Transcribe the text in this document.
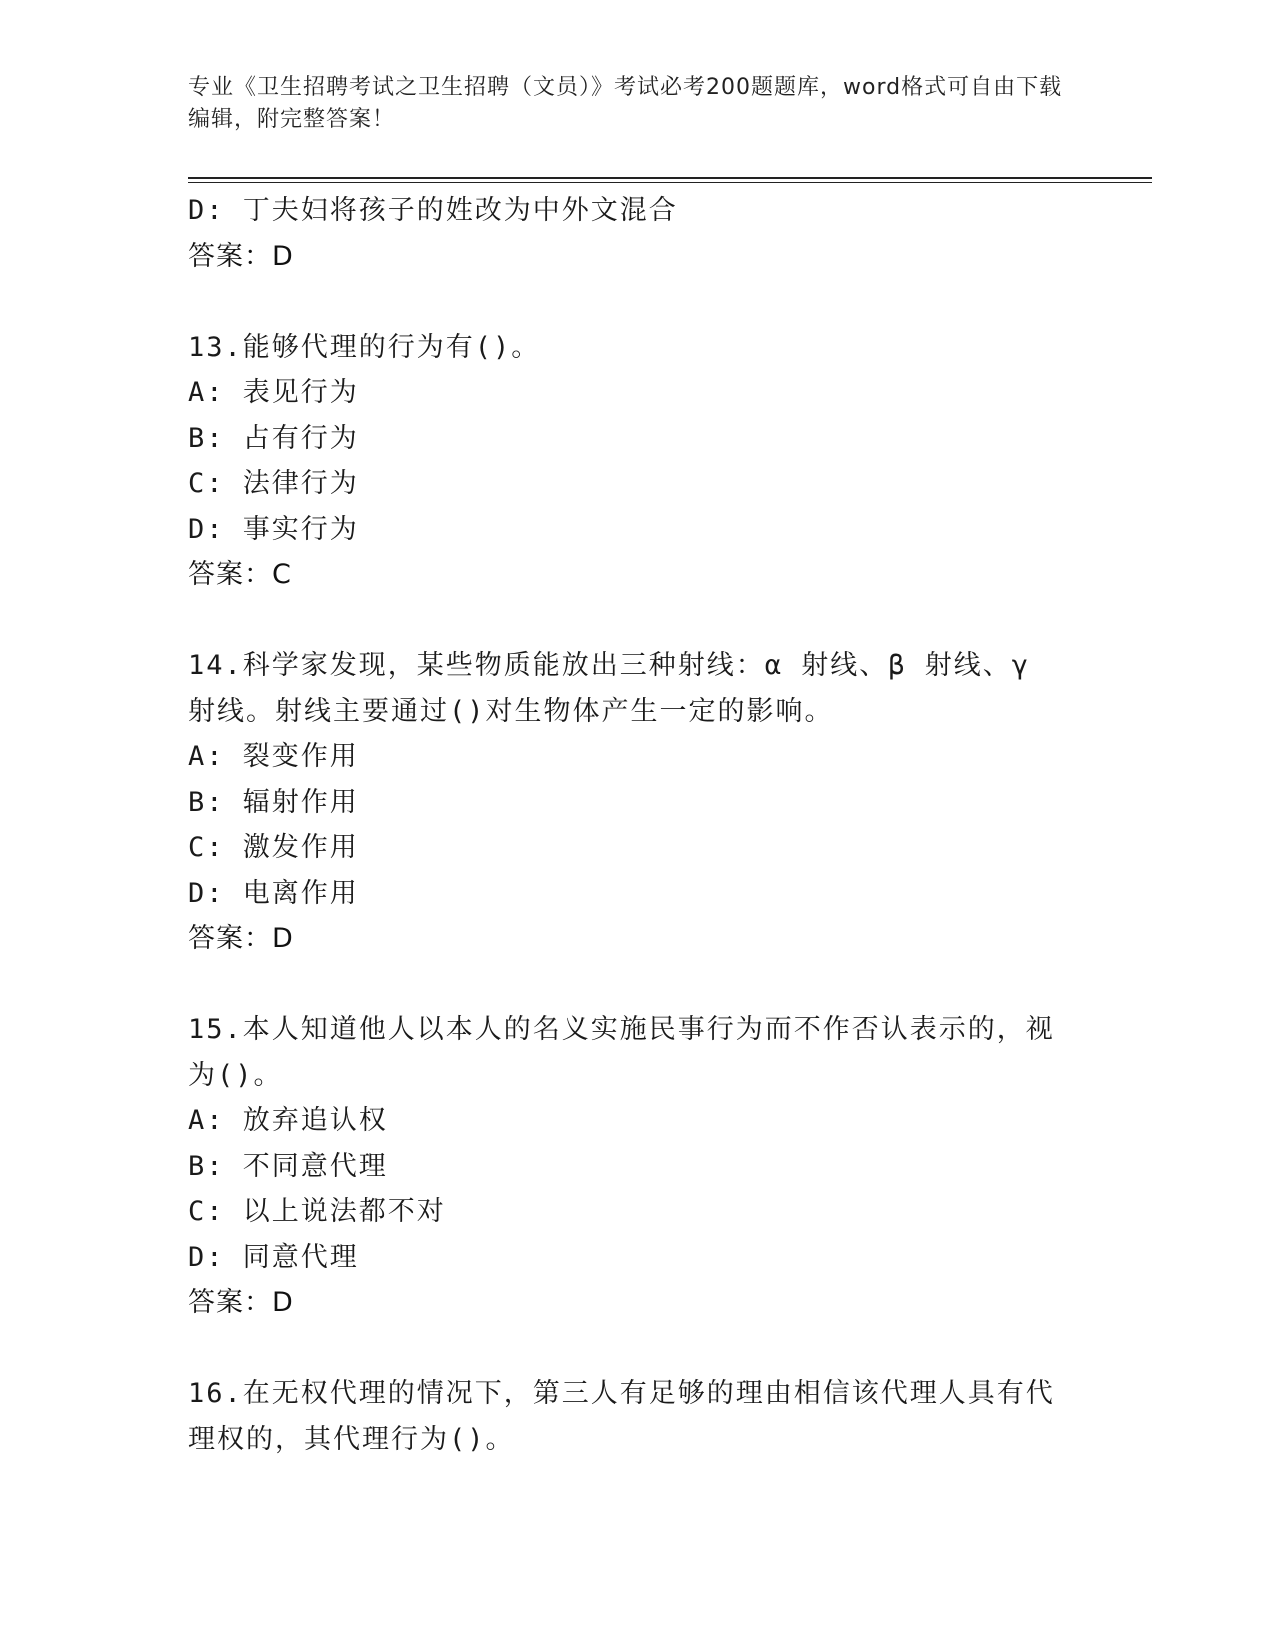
专业《卫生招聘考试之卫生招聘（文员）》考试必考200题题库，word格式可自由下载编辑，附完整答案！
D: 丁夫妇将孩子的姓改为中外文混合
答案：D
13.能够代理的行为有()。
A: 表见行为
B: 占有行为
C: 法律行为
D: 事实行为
答案：C
14.科学家发现，某些物质能放出三种射线：α 射线、β 射线、γ 射线。射线主要通过()对生物体产生一定的影响。
A: 裂变作用
B: 辐射作用
C: 激发作用
D: 电离作用
答案：D
15.本人知道他人以本人的名义实施民事行为而不作否认表示的，视为()。
A: 放弃追认权
B: 不同意代理
C: 以上说法都不对
D: 同意代理
答案：D
16.在无权代理的情况下，第三人有足够的理由相信该代理人具有代理权的，其代理行为()。
